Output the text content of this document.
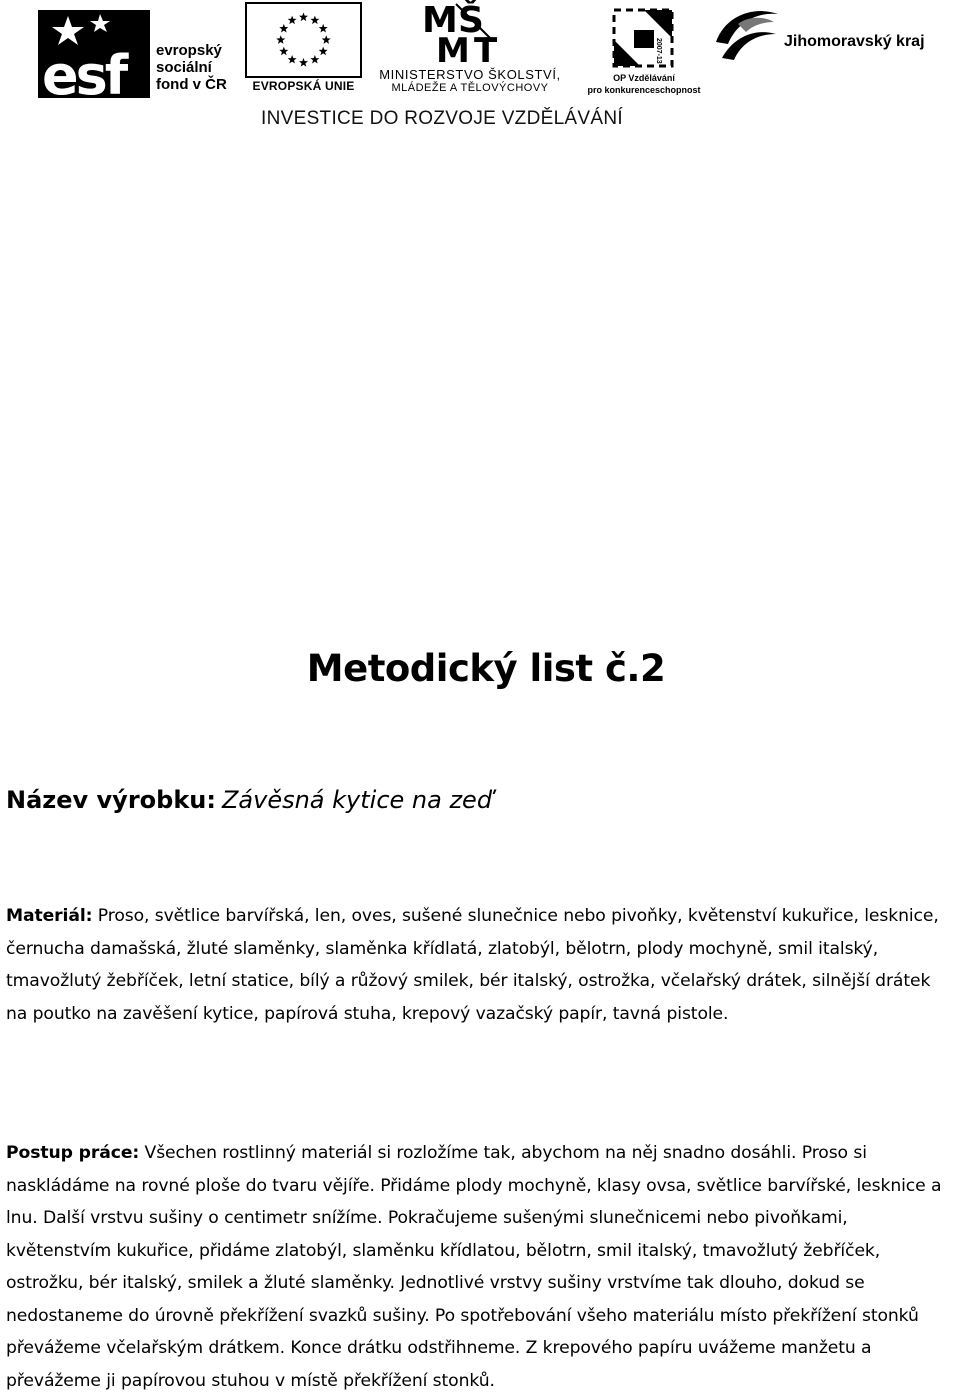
esf evropský
sociální
fond v ČR	EVROPSKÁ UNIE
M Š
M T
MINISTERSTVO ŠKOLSTVÍ,
MLÁDEŽE A TĚLOVÝCHOVY
2007-13
OP Vzdělávání
pro konkurenceschopnost
Jihomoravský kraj
INVESTICE DO ROZVOJE VZDĚLÁVÁNÍ
Metodický list č.2
Název výrobku: Závěsná kytice na zeď
Materiál: Proso, světlice barvířská, len, oves, sušené slunečnice nebo pivoňky, květenství kukuřice, lesknice, černucha damašská, žluté slaměnky, slaměnka křídlatá, zlatobýl, bělotrn, plody mochyně, smil italský, tmavožlutý žebříček, letní statice, bílý a růžový smilek, bér italský, ostrožka, včelařský drátek, silnější drátek na poutko na zavěšení kytice, papírová stuha, krepový vazačský papír, tavná pistole.
Postup práce: Všechen rostlinný materiál si rozložíme tak, abychom na něj snadno dosáhli. Proso si naskládáme na rovné ploše do tvaru vějíře. Přidáme plody mochyně, klasy ovsa, světlice barvířské, lesknice a lnu. Další vrstvu sušiny o centimetr snížíme. Pokračujeme sušenými slunečnicemi nebo pivoňkami, květenstvím kukuřice, přidáme zlatobýl, slaměnku křídlatou, bělotrn, smil italský, tmavožlutý žebříček, ostrožku, bér italský, smilek a žluté slaměnky. Jednotlivé vrstvy sušiny vrstvíme tak dlouho, dokud se nedostaneme do úrovně překřížení svazků sušiny. Po spotřebování všeho materiálu místo překřížení stonků převážeme včelařským drátkem. Konce drátku odstřihneme. Z krepového papíru uvážeme manžetu a převážeme ji papírovou stuhou v místě překřížení stonků.
